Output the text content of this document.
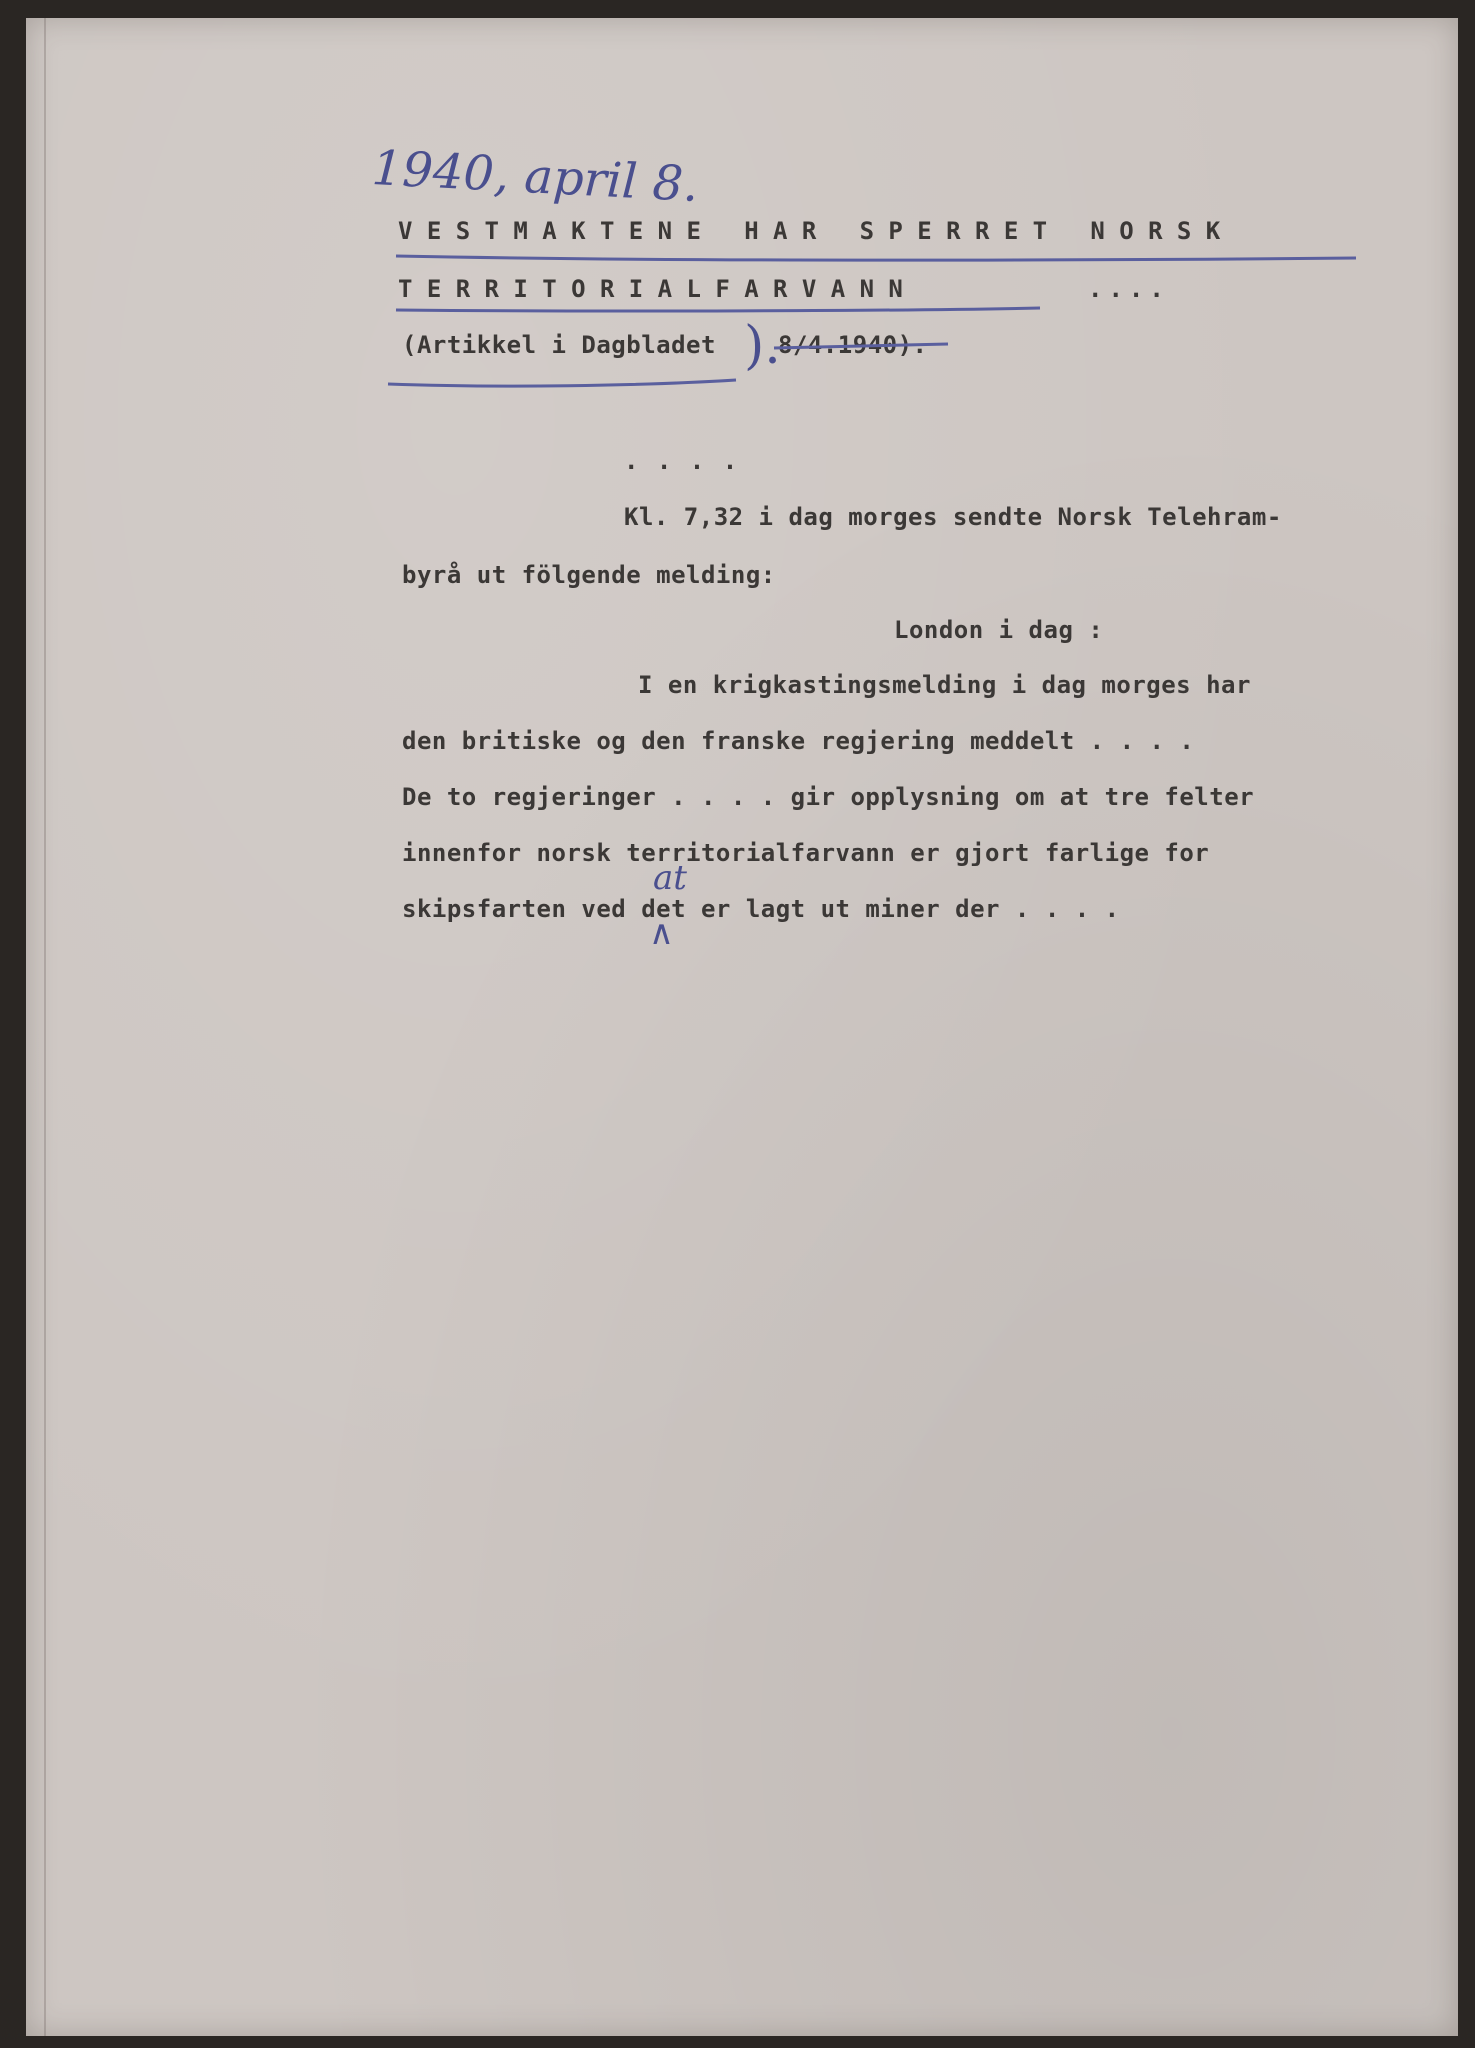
1940, april 8.
VESTMAKTENE HAR SPERRET NORSK
TERRITORIALFARVANN	....
(Artikkel i Dagbladet ).
8/4.1940).
. . . .
Kl. 7,32 i dag morges sendte Norsk Telehram-
byrå ut fölgende melding:
London i dag :
I en krigkastingsmelding i dag morges har
den britiske og den franske regjering meddelt . . . .
De to regjeringer . . . . gir opplysning om at tre felter
innenfor norsk territorialfarvann er gjort farlige for
skipsfarten ved det er lagt ut miner der . . . .
at
∧
